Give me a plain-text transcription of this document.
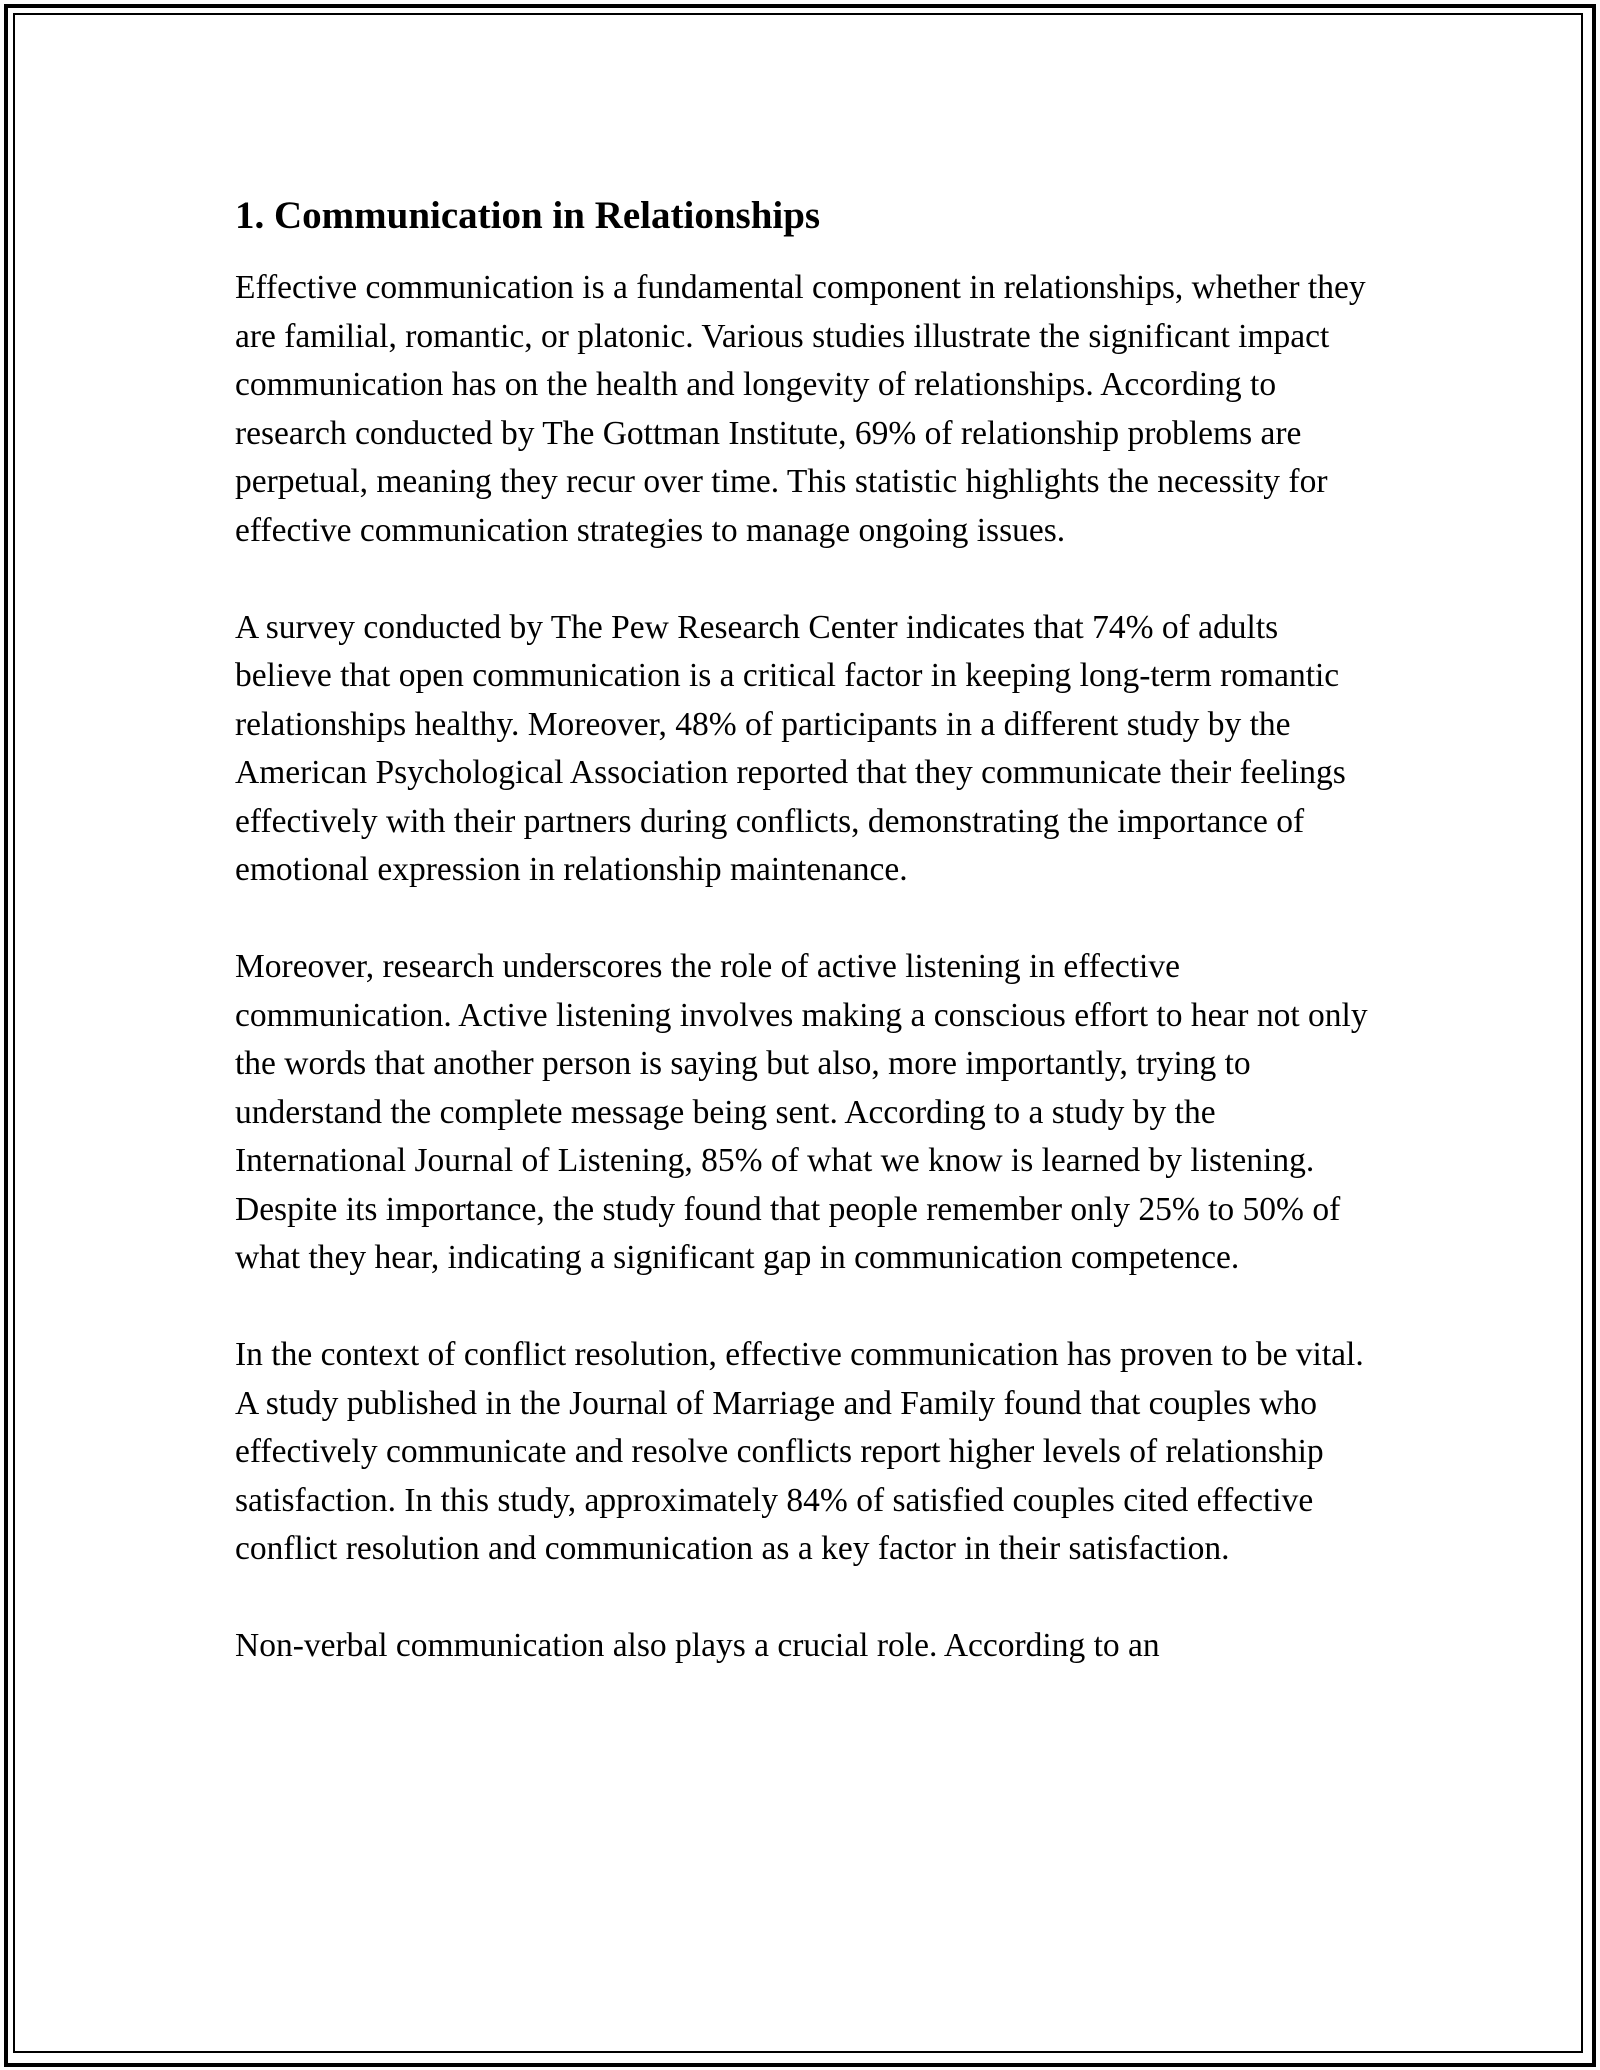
1. Communication in Relationships

Effective communication is a fundamental component in relationships, whether they are familial, romantic, or platonic. Various studies illustrate the significant impact communication has on the health and longevity of relationships. According to research conducted by The Gottman Institute, 69% of relationship problems are perpetual, meaning they recur over time. This statistic highlights the necessity for effective communication strategies to manage ongoing issues.

A survey conducted by The Pew Research Center indicates that 74% of adults believe that open communication is a critical factor in keeping long-term romantic relationships healthy. Moreover, 48% of participants in a different study by the American Psychological Association reported that they communicate their feelings effectively with their partners during conflicts, demonstrating the importance of emotional expression in relationship maintenance.

Moreover, research underscores the role of active listening in effective communication. Active listening involves making a conscious effort to hear not only the words that another person is saying but also, more importantly, trying to understand the complete message being sent. According to a study by the International Journal of Listening, 85% of what we know is learned by listening. Despite its importance, the study found that people remember only 25% to 50% of what they hear, indicating a significant gap in communication competence.

In the context of conflict resolution, effective communication has proven to be vital. A study published in the Journal of Marriage and Family found that couples who effectively communicate and resolve conflicts report higher levels of relationship satisfaction. In this study, approximately 84% of satisfied couples cited effective conflict resolution and communication as a key factor in their satisfaction.

Non-verbal communication also plays a crucial role. According to an
